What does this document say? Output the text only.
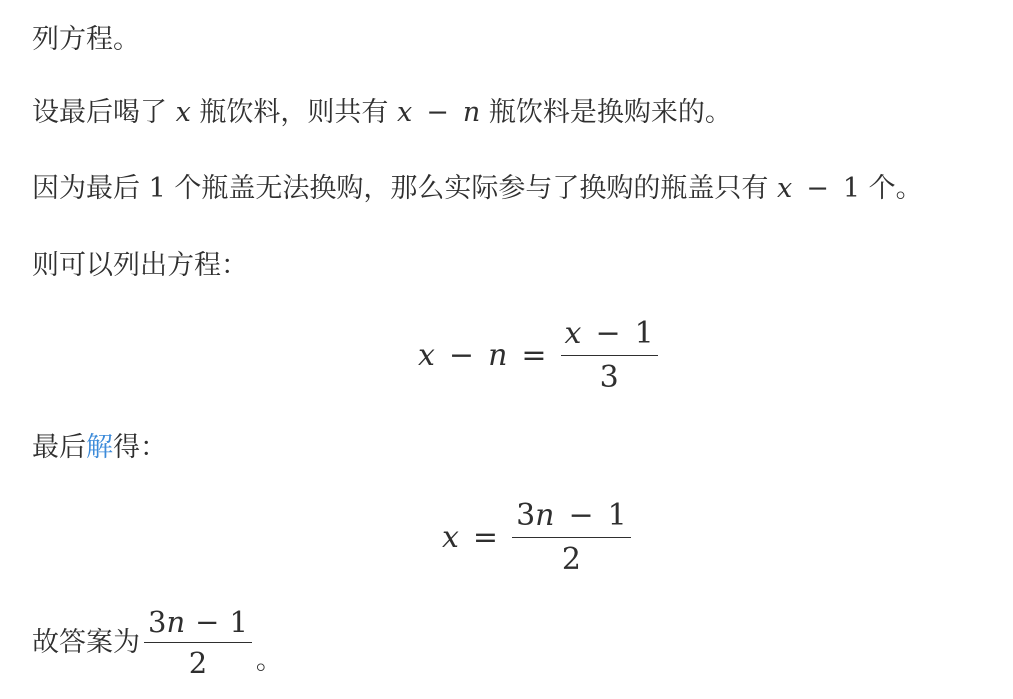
列方程。
设最后喝了 x 瓶饮料，则共有 x − n 瓶饮料是换购来的。
因为最后 1 个瓶盖无法换购，那么实际参与了换购的瓶盖只有 x − 1 个。
则可以列出方程：
$x - n = \frac{x - 1}{3}$
最后解得：
$x = \frac{3n - 1}{2}$
故答案为 $\frac{3n - 1}{2}$ 。
